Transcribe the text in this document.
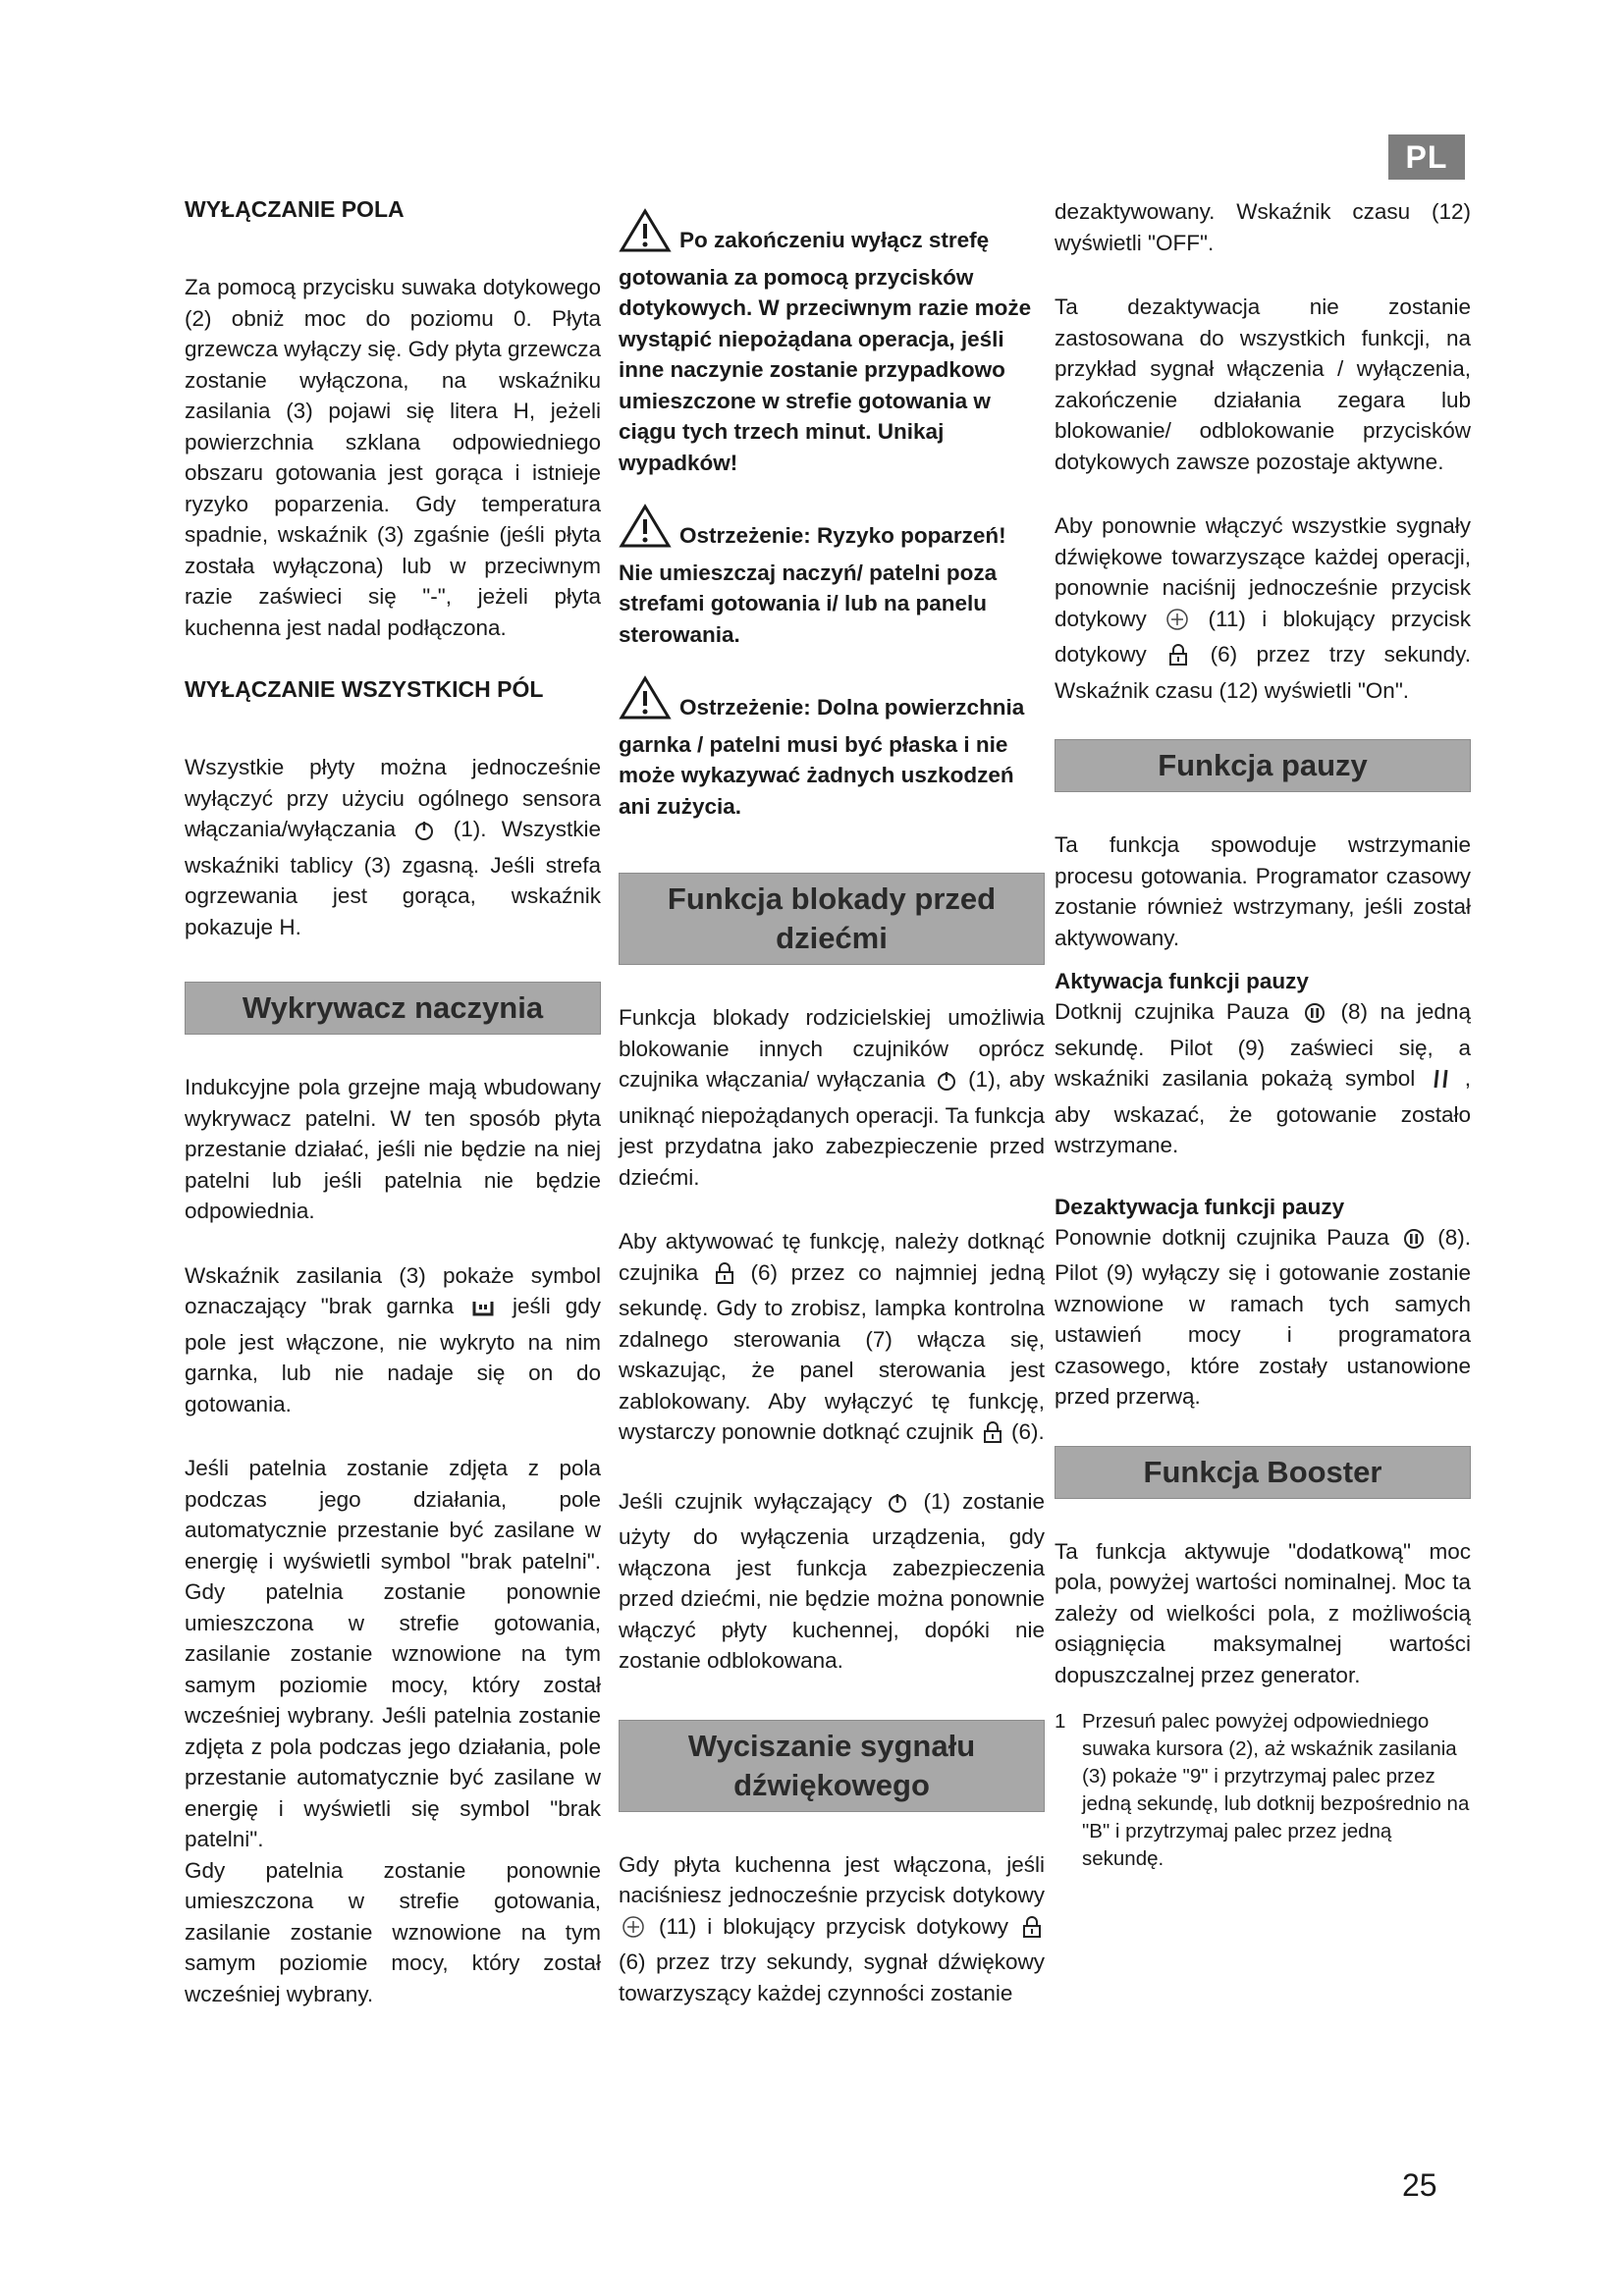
PL
WYŁĄCZANIE POLA

Za pomocą przycisku suwaka dotykowego (2) obniż moc do poziomu 0. Płyta grzewcza wyłączy się. Gdy płyta grzewcza zostanie wyłączona, na wskaźniku zasilania (3) pojawi się litera H, jeżeli powierzchnia szklana odpowiedniego obszaru gotowania jest gorąca i istnieje ryzyko poparzenia. Gdy temperatura spadnie, wskaźnik (3) zgaśnie (jeśli płyta została wyłączona) lub w przeciwnym razie zaświeci się "-", jeżeli płyta kuchenna jest nadal podłączona.

WYŁĄCZANIE WSZYSTKICH PÓL

Wszystkie płyty można jednocześnie wyłączyć przy użyciu ogólnego sensora włączania/wyłączania	(1). Wszystkie wskaźniki tablicy (3) zgasną. Jeśli strefa ogrzewania jest gorąca, wskaźnik pokazuje H.

Wykrywacz naczynia

Indukcyjne pola grzejne mają wbudowany wykrywacz patelni. W ten sposób płyta przestanie działać, jeśli nie będzie na niej patelni lub jeśli patelnia nie będzie odpowiednia.

Wskaźnik zasilania (3) pokaże symbol oznaczający "brak garnka	jeśli gdy pole jest włączone, nie wykryto na nim garnka, lub nie nadaje się on do gotowania.

Jeśli patelnia zostanie zdjęta z pola podczas jego działania, pole automatycznie przestanie być zasilane w energię i wyświetli symbol "brak patelni". Gdy patelnia zostanie ponownie umieszczona w strefie gotowania, zasilanie zostanie wznowione na tym samym poziomie mocy, który został wcześniej wybrany. Jeśli patelnia zostanie zdjęta z pola podczas jego działania, pole przestanie automatycznie być zasilane w energię i wyświetli się symbol "brak patelni".

Gdy patelnia zostanie ponownie umieszczona w strefie gotowania, zasilanie zostanie wznowione na tym samym poziomie mocy, który został wcześniej wybrany.

Po zakończeniu wyłącz strefę gotowania za pomocą przycisków dotykowych. W przeciwnym razie może wystąpić niepożądana operacja, jeśli inne naczynie zostanie przypadkowo umieszczone w strefie gotowania w ciągu tych trzech minut. Unikaj wypadków!
Ostrzeżenie: Ryzyko poparzeń! Nie umieszczaj naczyń/ patelni poza strefami gotowania i/ lub na panelu sterowania.
Ostrzeżenie: Dolna powierzchnia garnka / patelni musi być płaska i nie może wykazywać żadnych uszkodzeń ani zużycia.
Funkcja blokady przed dziećmi

Funkcja blokady rodzicielskiej umożliwia blokowanie innych czujników oprócz czujnika włączania/ wyłączania (1), aby uniknąć niepożądanych operacji. Ta funkcja jest przydatna jako zabezpieczenie przed dziećmi.

Aby aktywować tę funkcję, należy dotknąć czujnika (6) przez co najmniej jedną sekundę. Gdy to zrobisz, lampka kontrolna zdalnego sterowania (7) włącza się, wskazując, że panel sterowania jest zablokowany. Aby wyłączyć tę funkcję, wystarczy ponownie dotknąć czujnik (6).

Jeśli czujnik wyłączający (1) zostanie użyty do wyłączenia urządzenia, gdy włączona jest funkcja zabezpieczenia przed dziećmi, nie będzie można ponownie włączyć płyty kuchennej, dopóki nie zostanie odblokowana.

Wyciszanie sygnału dźwiękowego

Gdy płyta kuchenna jest włączona, jeśli naciśniesz jednocześnie przycisk dotykowy  (11) i blokujący przycisk dotykowy  (6) przez trzy sekundy, sygnał dźwiękowy towarzyszący każdej czynności zostanie

dezaktywowany. Wskaźnik czasu (12) wyświetli "OFF".

Ta dezaktywacja nie zostanie zastosowana do wszystkich funkcji, na przykład sygnał włączenia / wyłączenia, zakończenie działania zegara lub blokowanie/ odblokowanie przycisków dotykowych zawsze pozostaje aktywne.

Aby ponownie włączyć wszystkie sygnały dźwiękowe towarzyszące każdej operacji, ponownie naciśnij jednocześnie przycisk dotykowy	(11) i blokujący przycisk dotykowy	(6) przez trzy sekundy. Wskaźnik czasu (12) wyświetli "On".

Funkcja pauzy

Ta funkcja spowoduje wstrzymanie procesu gotowania. Programator czasowy zostanie również wstrzymany, jeśli został aktywowany.

Aktywacja funkcji pauzy

Dotknij czujnika Pauza (8) na jedną sekundę. Pilot (9) zaświeci się, a wskaźniki zasilania pokażą symbol , aby wskazać, że gotowanie zostało wstrzymane.

Dezaktywacja funkcji pauzy

Ponownie dotknij czujnika Pauza (8). Pilot (9) wyłączy się i gotowanie zostanie wznowione w ramach tych samych ustawień mocy i programatora czasowego, które zostały ustanowione przed przerwą.

Funkcja Booster

Ta funkcja aktywuje "dodatkową" moc pola, powyżej wartości nominalnej. Moc ta zależy od wielkości pola, z możliwością osiągnięcia maksymalnej wartości dopuszczalnej przez generator.

1 Przesuń palec powyżej odpowiedniego suwaka kursora (2), aż wskaźnik zasilania (3) pokaże "9" i przytrzymaj palec przez jedną sekundę, lub dotknij bezpośrednio na "B" i przytrzymaj palec przez jedną sekundę.
25
